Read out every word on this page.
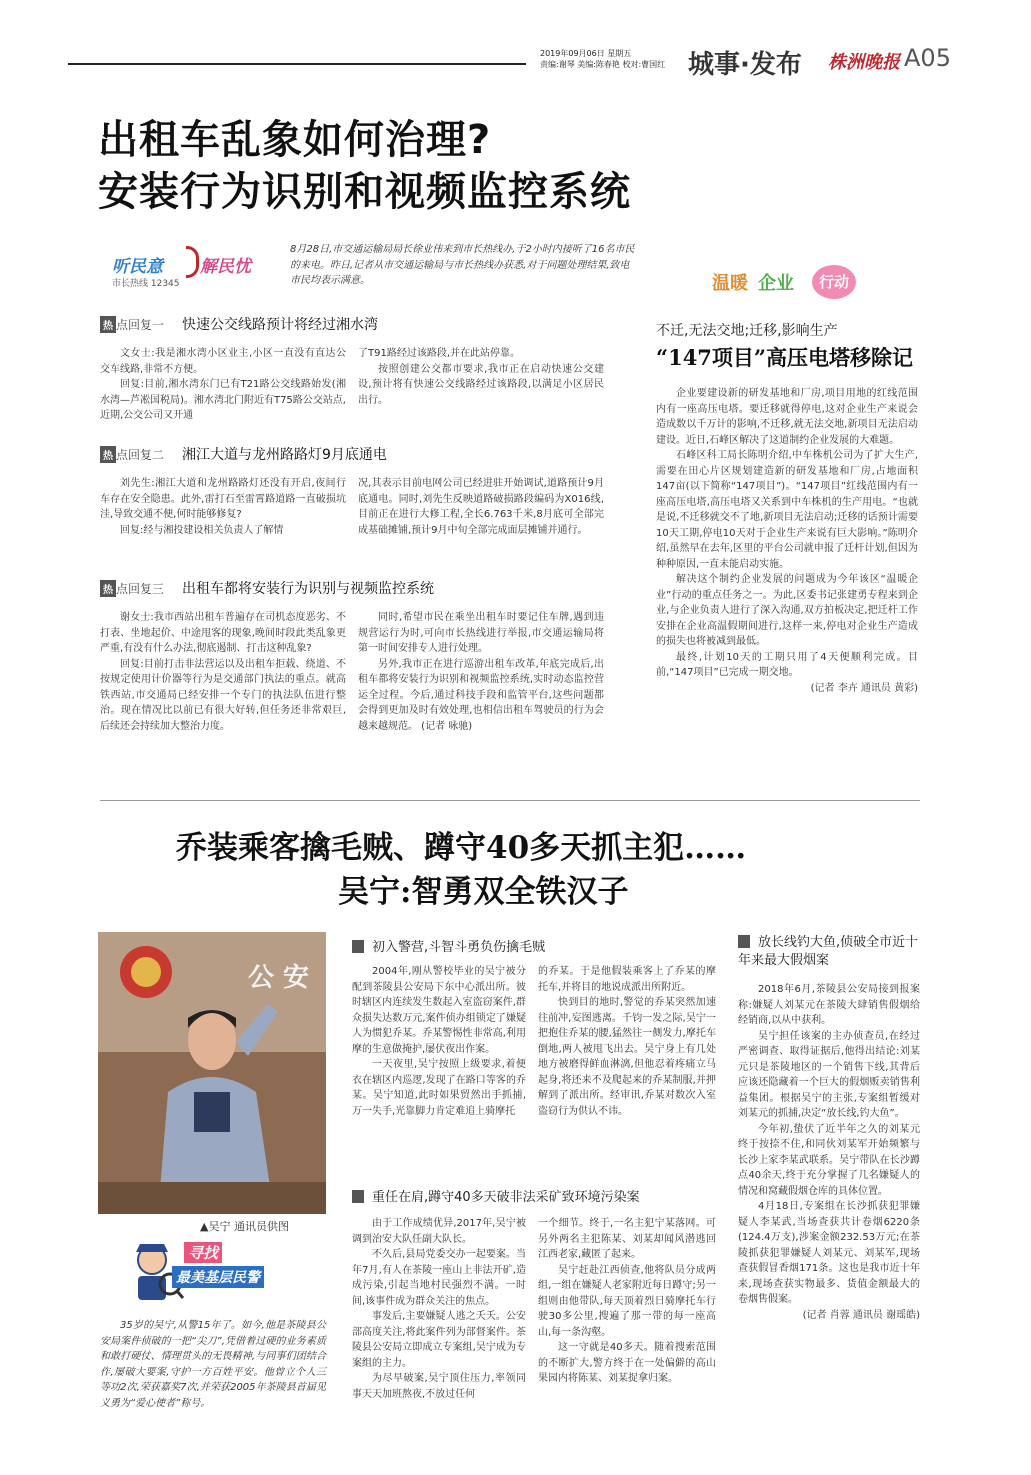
2019年09月06日 星期五
责编:谢琴 美编:陈春艳 校对:曹国红 城事·发布 株洲晚报 A05
出租车乱象如何治理?
安装行为识别和视频监控系统
听民意 解民忧
市长热线 12345
8月28日,市交通运输局局长徐业伟来到市长热线办,于2小时内接听了16名市民的来电。昨日,记者从市交通运输局与市长热线办获悉,对于问题处理结果,致电市民均表示满意。
热 点回复一 快速公交线路预计将经过湘水湾

文女士:我是湘水湾小区业主,小区一直没有直达公交车线路,非常不方便。

回复:目前,湘水湾东门已有T21路公交线路始发(湘水湾—芦凇国税局)。湘水湾北门附近有T75路公交站点,近期,公交公司又开通

了T91路经过该路段,并在此站停靠。

按照创建公交都市要求,我市正在启动快速公交建设,预计将有快速公交线路经过该路段,以满足小区居民出行。

热 点回复二 湘江大道与龙州路路灯9月底通电

刘先生:湘江大道和龙州路路灯还没有开启,夜间行车存在安全隐患。此外,雷打石至雷霄路道路一直破损坑洼,导致交通不便,何时能够修复?

回复:经与湘投建设相关负责人了解情

况,其表示目前电网公司已经进驻开始调试,道路预计9月底通电。同时,刘先生反映道路破损路段编码为X016线,目前正在进行大修工程,全长6.763千米,8月底可全部完成基础摊铺,预计9月中旬全部完成面层摊铺并通行。

热 点回复三 出租车都将安装行为识别与视频监控系统

谢女士:我市西站出租车普遍存在司机态度恶劣、不打表、坐地起价、中途甩客的现象,晚间时段此类乱象更严重,有没有什么办法,彻底遏制、打击这种乱象?

回复:目前打击非法营运以及出租车拒载、绕道、不按规定使用计价器等行为是交通部门执法的重点。就高铁西站,市交通局已经安排一个专门的执法队伍进行整治。现在情况比以前已有很大好转,但任务还非常艰巨,后续还会持续加大整治力度。

同时,希望市民在乘坐出租车时要记住车牌,遇到违规营运行为时,可向市长热线进行举报,市交通运输局将第一时间安排专人进行处理。

另外,我市正在进行巡游出租车改革,年底完成后,出租车都将安装行为识别和视频监控系统,实时动态监控营运全过程。今后,通过科技手段和监管平台,这些问题都会得到更加及时有效处理,也相信出租车驾驶员的行为会越来越规范。 (记者 咏驰)

温暖 企业	行动
不迁,无法交地;迁移,影响生产
“147项目”高压电塔移除记

企业要建设新的研发基地和厂房,项目用地的红线范围内有一座高压电塔。要迁移就得停电,这对企业生产来说会造成数以千万计的影响,不迁移,就无法交地,新项目无法启动建设。近日,石峰区解决了这道制约企业发展的大难题。

石峰区科工局长陈明介绍,中车株机公司为了扩大生产,需要在田心片区规划建造新的研发基地和厂房,占地面积147亩(以下简称“147项目”)。“147项目”红线范围内有一座高压电塔,高压电塔又关系到中车株机的生产用电。“也就是说,不迁移就交不了地,新项目无法启动;迁移的话预计需要10天工期,停电10天对于企业生产来说有巨大影响。”陈明介绍,虽然早在去年,区里的平台公司就申报了迁杆计划,但因为种种原因,一直未能启动实施。

解决这个制约企业发展的问题成为今年该区“温暖企业”行动的重点任务之一。为此,区委书记张建勇专程来到企业,与企业负责人进行了深入沟通,双方拍板决定,把迁杆工作安排在企业高温假期间进行,这样一来,停电对企业生产造成的损失也将被减到最低。

最终,计划10天的工期只用了4天便顺利完成。目前,“147项目”已完成一期交地。

(记者 李卉 通讯员 黄彩)

乔装乘客擒毛贼、蹲守40多天抓主犯……
吴宁:智勇双全铁汉子
公 安
▲吴宁 通讯员供图
寻找
最美基层民警

35岁的吴宁,从警15年了。如今,他是茶陵县公安局案件侦破的一把“尖刀”,凭借着过硬的业务素质和敢打硬仗、情理贯头的无畏精神,与同事们团结合作,屡破大要案,守护一方百姓平安。他曾立个人三等功2次,荣获嘉奖7次,并荣获2005年茶陵县首届见义勇为“爱心使者”称号。

初入警营,斗智斗勇负伤擒毛贼

2004年,刚从警校毕业的吴宁被分配到茶陵县公安局下东中心派出所。彼时辖区内连续发生数起入室盗窃案件,群众损失达数万元,案件侦办组锁定了嫌疑人为惯犯乔某。乔某警惕性非常高,利用摩的生意做掩护,屡伏夜出作案。

一天夜里,吴宁按照上级要求,着便衣在辖区内巡逻,发现了在路口等客的乔某。吴宁知道,此时如果贸然出手抓捕,万一失手,光靠脚力肯定难追上骑摩托

的乔某。于是他假装乘客上了乔某的摩托车,并将目的地说成派出所附近。

快到目的地时,警觉的乔某突然加速往前冲,妄图逃离。千钧一发之际,吴宁一把抱住乔某的腰,猛然往一侧发力,摩托车倒地,两人被甩飞出去。吴宁身上有几处地方被磨得鲜血淋漓,但他忍着疼痛立马起身,将还来不及爬起来的乔某制服,并押解到了派出所。经审讯,乔某对数次入室盗窃行为供认不讳。

重任在肩,蹲守40多天破非法采矿致环境污染案

由于工作成绩优异,2017年,吴宁被调到治安大队任副大队长。

不久后,县局党委交办一起要案。当年7月,有人在茶陵一座山上非法开矿,造成污染,引起当地村民强烈不满。一时间,该事件成为群众关注的焦点。

事发后,主要嫌疑人逃之夭夭。公安部高度关注,将此案件列为部督案件。茶陵县公安局立即成立专案组,吴宁成为专案组的主力。

为尽早破案,吴宁顶住压力,率领同事天天加班熬夜,不放过任何

一个细节。终于,一名主犯宁某落网。可另外两名主犯陈某、刘某却闻风潜逃回江西老家,藏匿了起来。

吴宁赶赴江西侦查,他将队员分成两组,一组在嫌疑人老家附近每日蹲守;另一组则由他带队,每天顶着烈日骑摩托车行驶30多公里,搜遍了那一带的每一座高山,每一条沟壑。

这一守就是40多天。随着搜索范围的不断扩大,警方终于在一处偏僻的高山果园内将陈某、刘某捉拿归案。

放长线钓大鱼,侦破全市近十年来最大假烟案

2018年6月,茶陵县公安局接到报案称:嫌疑人刘某元在茶陵大肆销售假烟给经销商,以从中获利。

吴宁担任该案的主办侦查员,在经过严密调查、取得证据后,他得出结论:刘某元只是茶陵地区的一个销售下线,其背后应该还隐藏着一个巨大的假烟贩卖销售利益集团。根据吴宁的主张,专案组暂缓对刘某元的抓捕,决定“放长线,钓大鱼”。

今年初,蛰伏了近半年之久的刘某元终于按捺不住,和同伙刘某军开始频繁与长沙上家李某武联系。吴宁带队在长沙蹲点40余天,终于充分掌握了几名嫌疑人的情况和窝藏假烟仓库的具体位置。

4月18日,专案组在长沙抓获犯罪嫌疑人李某武,当场查获共计卷烟6220条(124.4万支),涉案金额232.53万元;在茶陵抓获犯罪嫌疑人刘某元、刘某军,现场查获假冒香烟171条。这也是我市近十年来,现场查获实物最多、货值金额最大的卷烟售假案。

(记者 肖蓉 通讯员 谢瑶皓)
